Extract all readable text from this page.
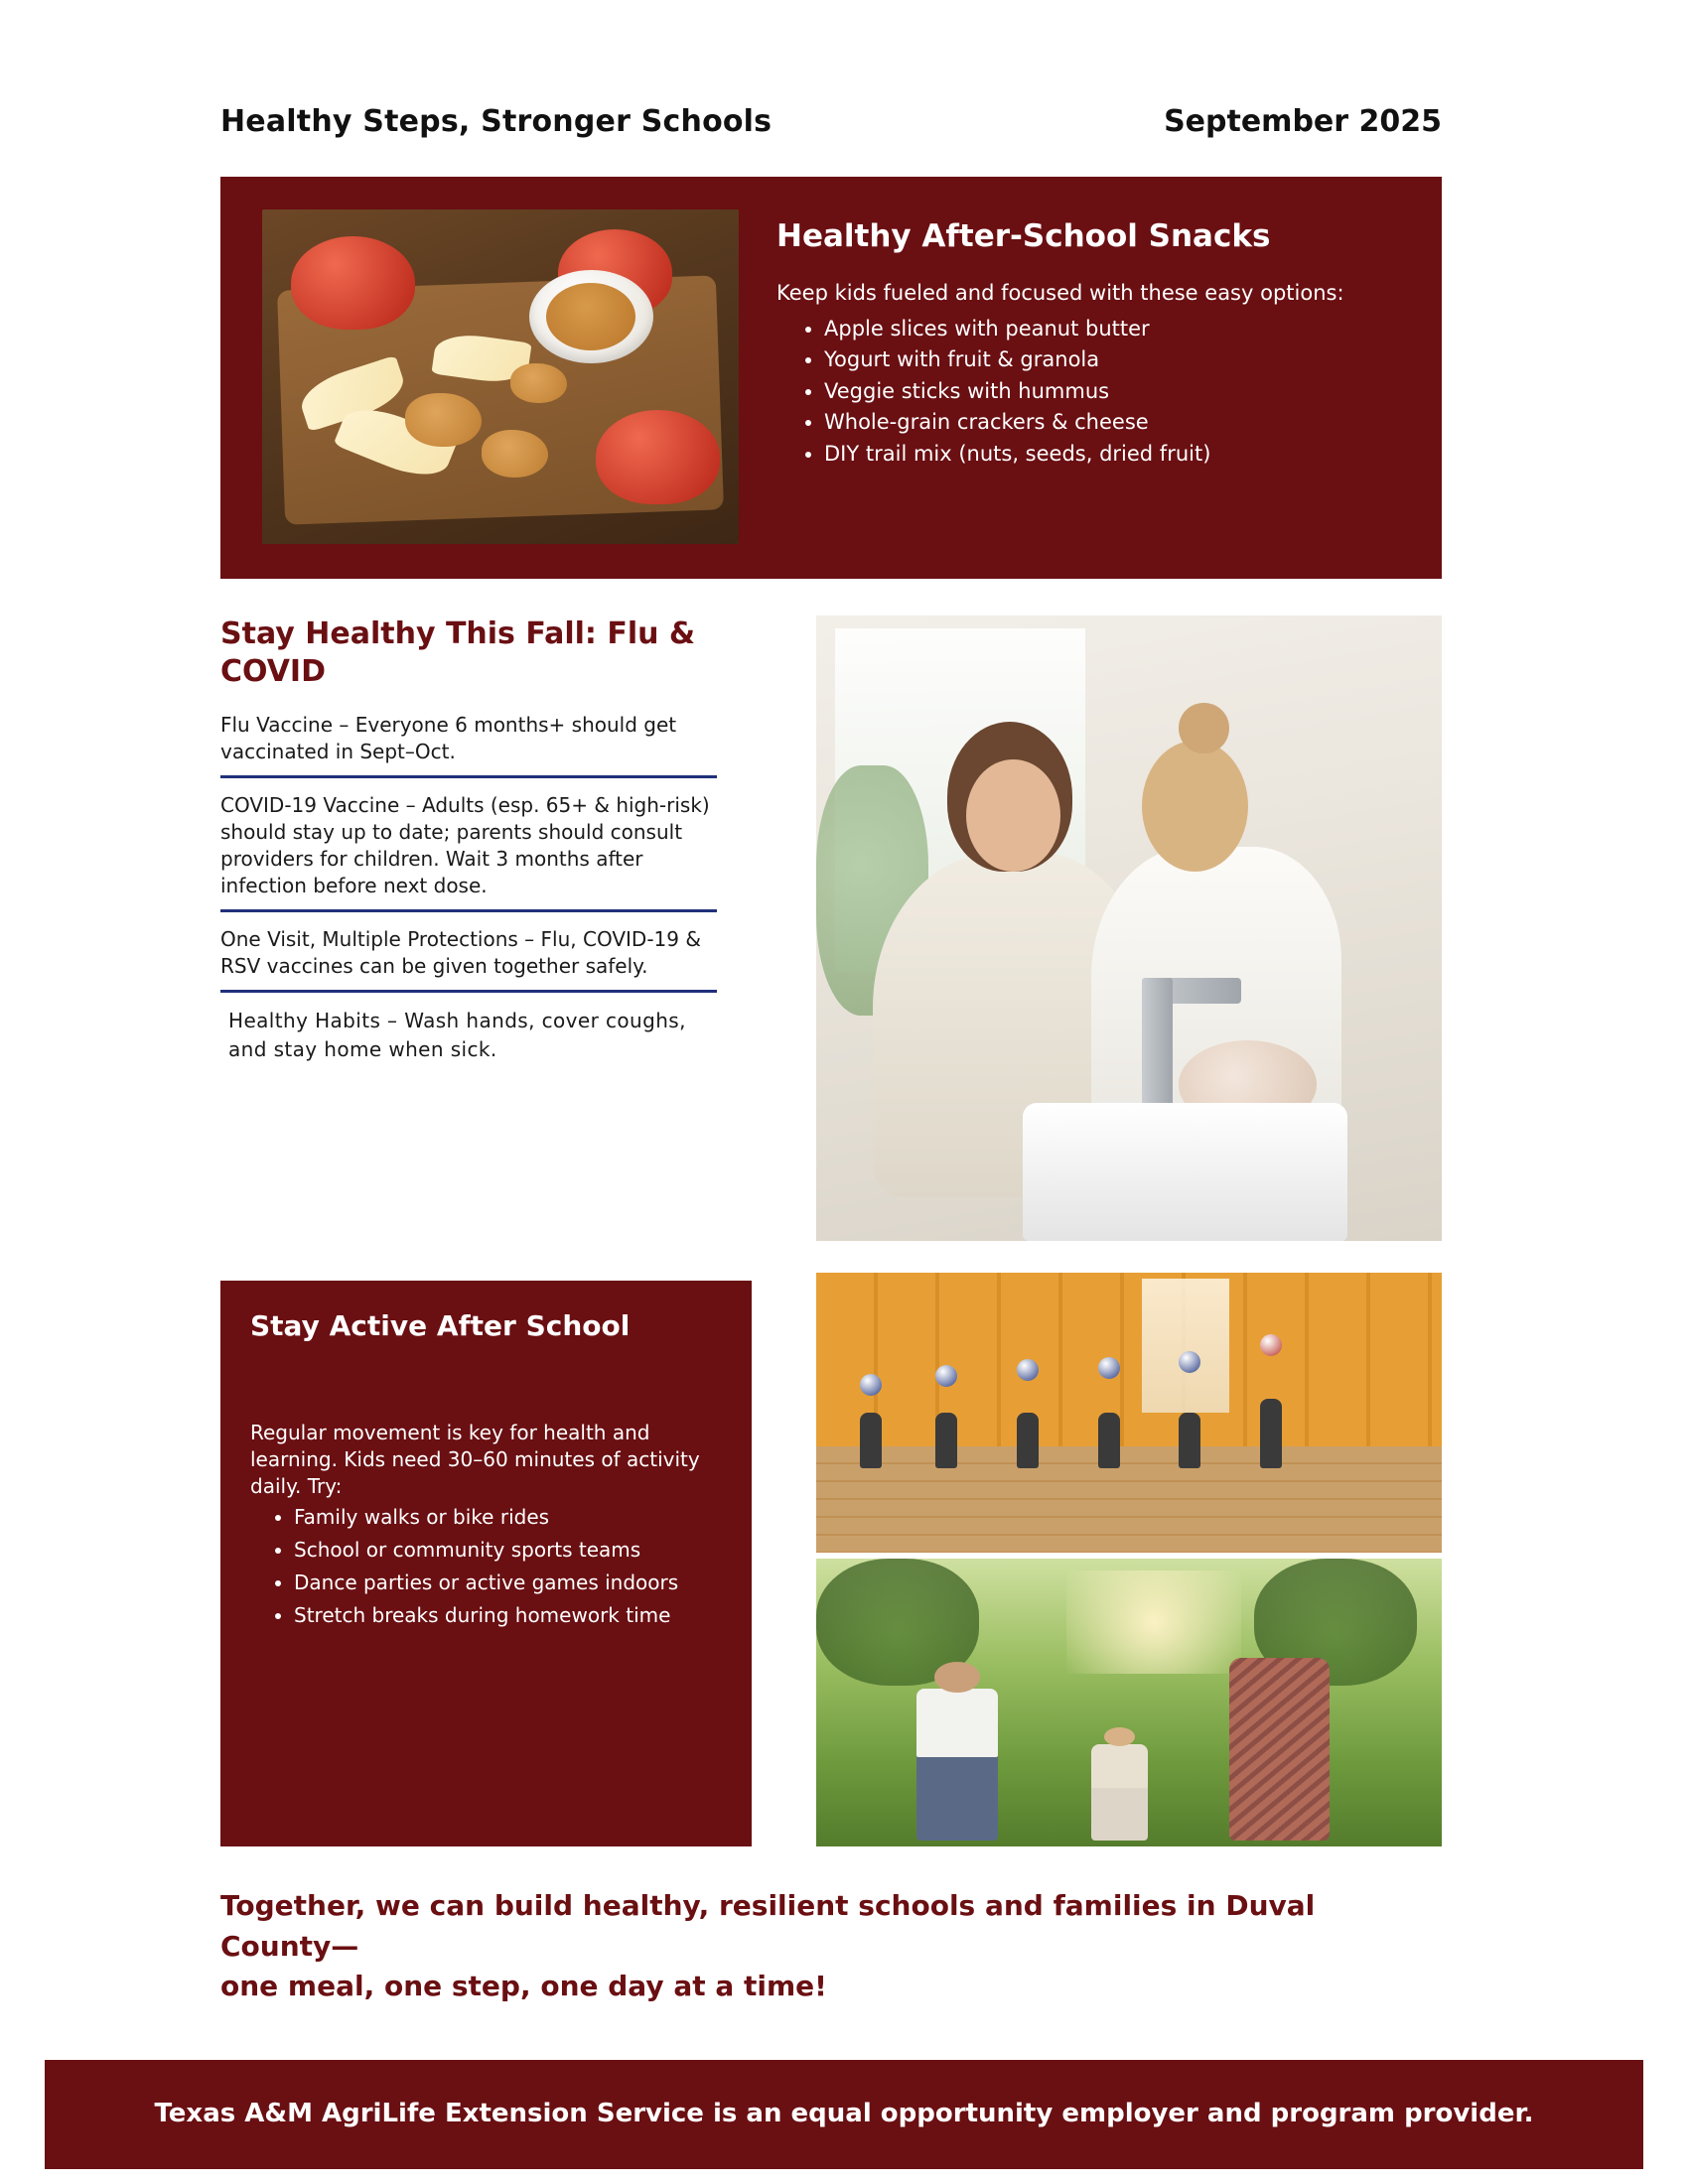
Healthy Steps, Stronger Schools	September 2025
Healthy After-School Snacks
Keep kids fueled and focused with these easy options:
• Apple slices with peanut butter
• Yogurt with fruit & granola
• Veggie sticks with hummus
• Whole-grain crackers & cheese
• DIY trail mix (nuts, seeds, dried fruit)
Stay Healthy This Fall: Flu & COVID
Flu Vaccine – Everyone 6 months+ should get vaccinated in Sept–Oct.
COVID-19 Vaccine – Adults (esp. 65+ & high-risk) should stay up to date; parents should consult providers for children. Wait 3 months after infection before next dose.
One Visit, Multiple Protections – Flu, COVID-19 & RSV vaccines can be given together safely.
Healthy Habits – Wash hands, cover coughs, and stay home when sick.
Stay Active After School
Regular movement is key for health and learning. Kids need 30–60 minutes of activity daily. Try:
• Family walks or bike rides
• School or community sports teams
• Dance parties or active games indoors
• Stretch breaks during homework time
Together, we can build healthy, resilient schools and families in Duval County—
one meal, one step, one day at a time!
Texas A&M AgriLife Extension Service is an equal opportunity employer and program provider.
